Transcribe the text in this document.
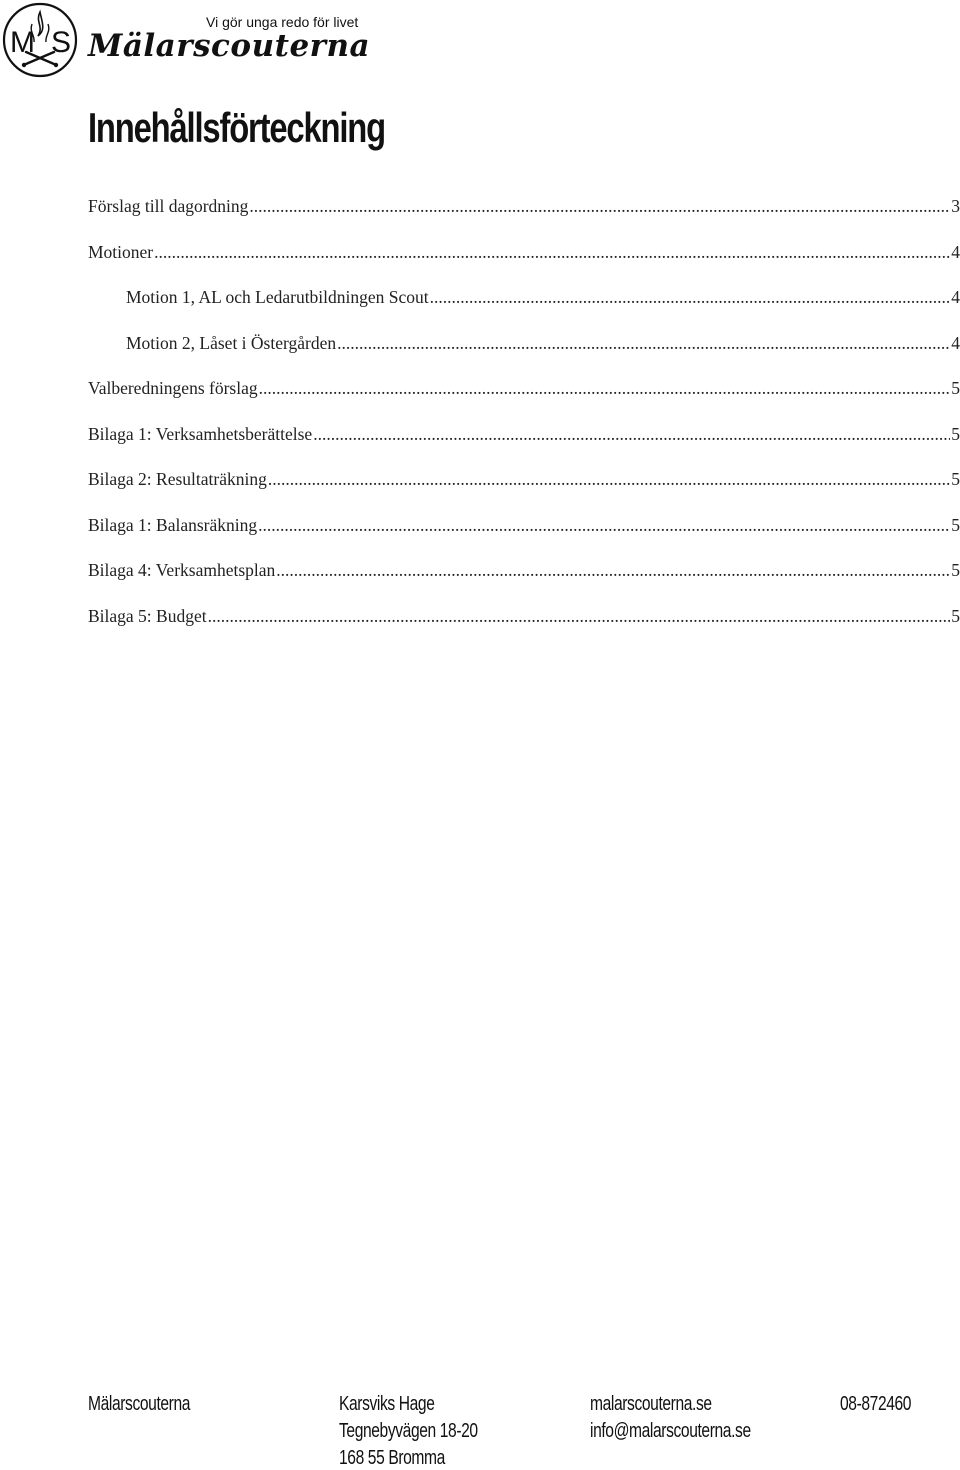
M S
Vi gör unga redo för livet
Mälarscouterna
Innehållsförteckning
Förslag till dagordning .....	3
Motioner .....	4
Motion 1, AL och Ledarutbildningen Scout .....	4
Motion 2, Låset i Östergården .....	4
Valberedningens förslag .....	5
Bilaga 1: Verksamhetsberättelse .....	5
Bilaga 2: Resultaträkning .....	5
Bilaga 1: Balansräkning .....	5
Bilaga 4: Verksamhetsplan .....	5
Bilaga 5: Budget .....	5
Mälarscouterna	Karsviks Hage
Tegnebyvägen 18-20
168 55 Bromma
malarscouterna.se
info@malarscouterna.se
08-872460
